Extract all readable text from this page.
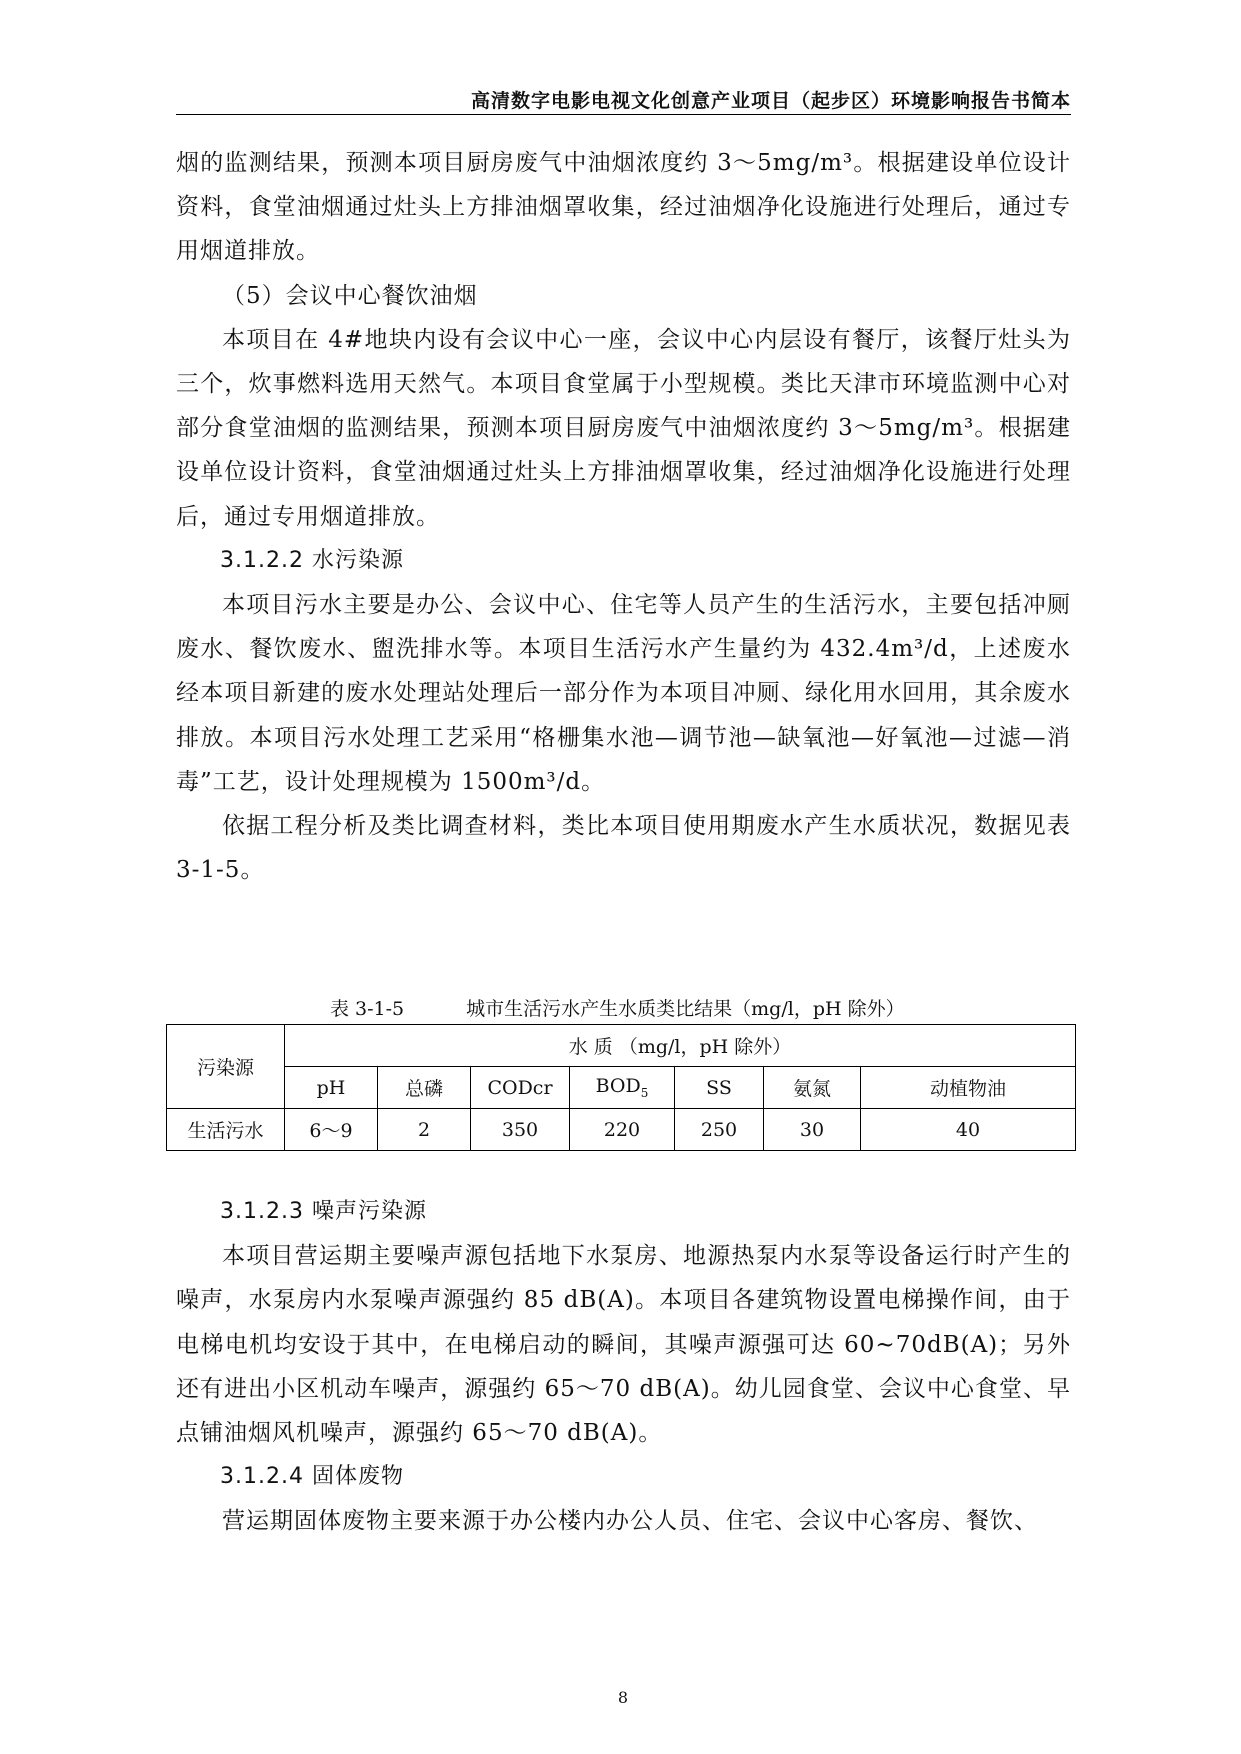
高清数字电影电视文化创意产业项目（起步区）环境影响报告书简本

烟的监测结果，预测本项目厨房废气中油烟浓度约 3～5mg/m³。根据建设单位设计资料，食堂油烟通过灶头上方排油烟罩收集，经过油烟净化设施进行处理后，通过专用烟道排放。

（5）会议中心餐饮油烟

本项目在 4#地块内设有会议中心一座，会议中心内层设有餐厅，该餐厅灶头为三个，炊事燃料选用天然气。本项目食堂属于小型规模。类比天津市环境监测中心对部分食堂油烟的监测结果，预测本项目厨房废气中油烟浓度约 3～5mg/m³。根据建设单位设计资料，食堂油烟通过灶头上方排油烟罩收集，经过油烟净化设施进行处理后，通过专用烟道排放。

3.1.2.2 水污染源

本项目污水主要是办公、会议中心、住宅等人员产生的生活污水，主要包括冲厕废水、餐饮废水、盥洗排水等。本项目生活污水产生量约为 432.4m³/d，上述废水经本项目新建的废水处理站处理后一部分作为本项目冲厕、绿化用水回用，其余废水排放。本项目污水处理工艺采用“格栅集水池—调节池—缺氧池—好氧池—过滤—消毒”工艺，设计处理规模为 1500m³/d。

依据工程分析及类比调查材料，类比本项目使用期废水产生水质状况，数据见表 3-1-5。

表 3-1-5	城市生活污水产生水质类比结果（mg/l，pH 除外）
污染源	水 质 （mg/l，pH 除外）						
	pH	总磷	CODcr	$BOD_5$	SS	氨氮	动植物油
生活污水	6～9	2	350	220	250	30	40

3.1.2.3 噪声污染源

本项目营运期主要噪声源包括地下水泵房、地源热泵内水泵等设备运行时产生的噪声，水泵房内水泵噪声源强约 85 dB(A)。本项目各建筑物设置电梯操作间，由于电梯电机均安设于其中，在电梯启动的瞬间，其噪声源强可达 60~70dB(A)；另外还有进出小区机动车噪声，源强约 65～70 dB(A)。幼儿园食堂、会议中心食堂、早点铺油烟风机噪声，源强约 65～70 dB(A)。

3.1.2.4 固体废物

营运期固体废物主要来源于办公楼内办公人员、住宅、会议中心客房、餐饮、

8
